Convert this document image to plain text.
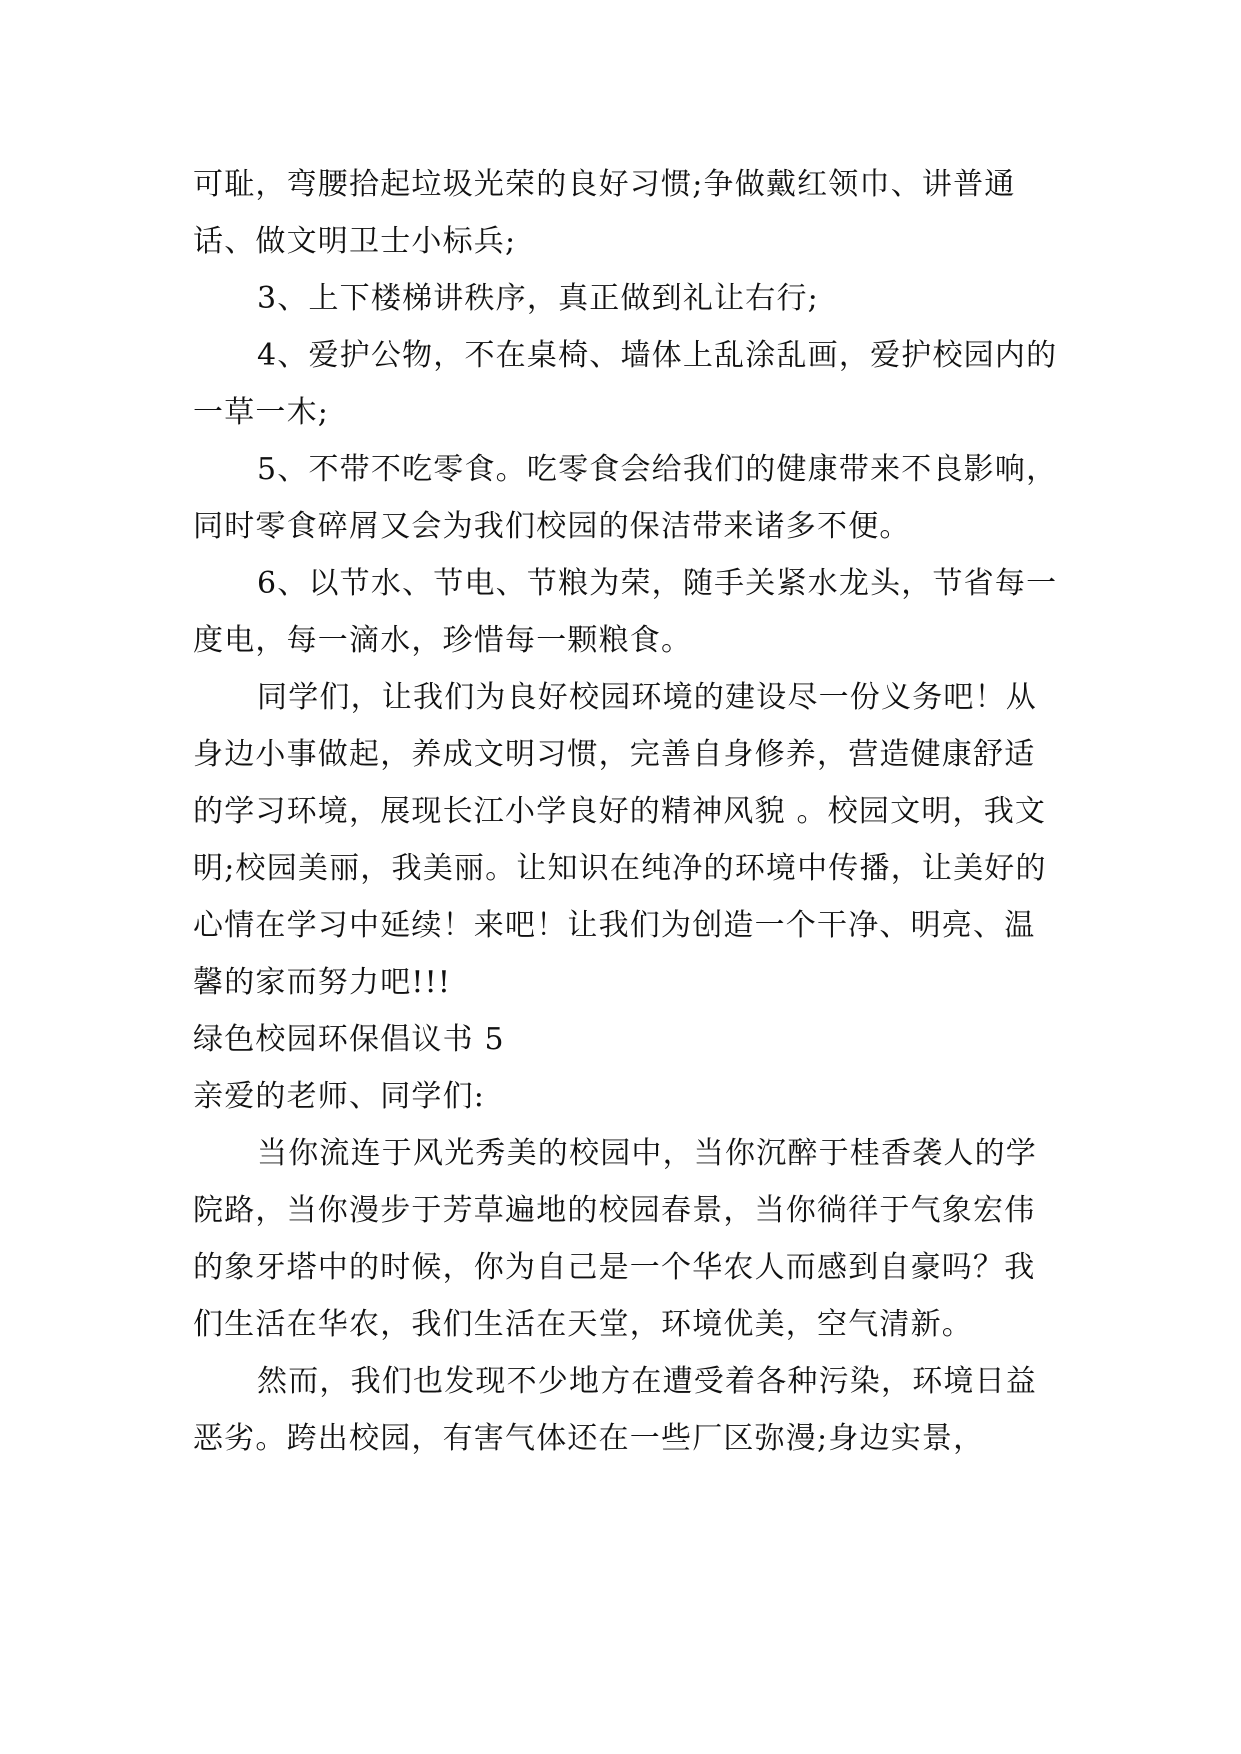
可耻，弯腰拾起垃圾光荣的良好习惯;争做戴红领巾、讲普通话、做文明卫士小标兵;

3、上下楼梯讲秩序，真正做到礼让右行;

4、爱护公物，不在桌椅、墙体上乱涂乱画，爱护校园内的一草一木;

5、不带不吃零食。吃零食会给我们的健康带来不良影响，同时零食碎屑又会为我们校园的保洁带来诸多不便。

6、以节水、节电、节粮为荣，随手关紧水龙头，节省每一度电，每一滴水，珍惜每一颗粮食。

同学们，让我们为良好校园环境的建设尽一份义务吧！从身边小事做起，养成文明习惯，完善自身修养，营造健康舒适的学习环境，展现长江小学良好的精神风貌 。校园文明，我文明;校园美丽，我美丽。让知识在纯净的环境中传播，让美好的心情在学习中延续！来吧！让我们为创造一个干净、明亮、温馨的家而努力吧!!!

绿色校园环保倡议书 5

亲爱的老师、同学们:

当你流连于风光秀美的校园中，当你沉醉于桂香袭人的学院路，当你漫步于芳草遍地的校园春景，当你徜徉于气象宏伟的象牙塔中的时候，你为自己是一个华农人而感到自豪吗？我们生活在华农，我们生活在天堂，环境优美，空气清新。

然而，我们也发现不少地方在遭受着各种污染，环境日益恶劣。跨出校园，有害气体还在一些厂区弥漫;身边实景，
